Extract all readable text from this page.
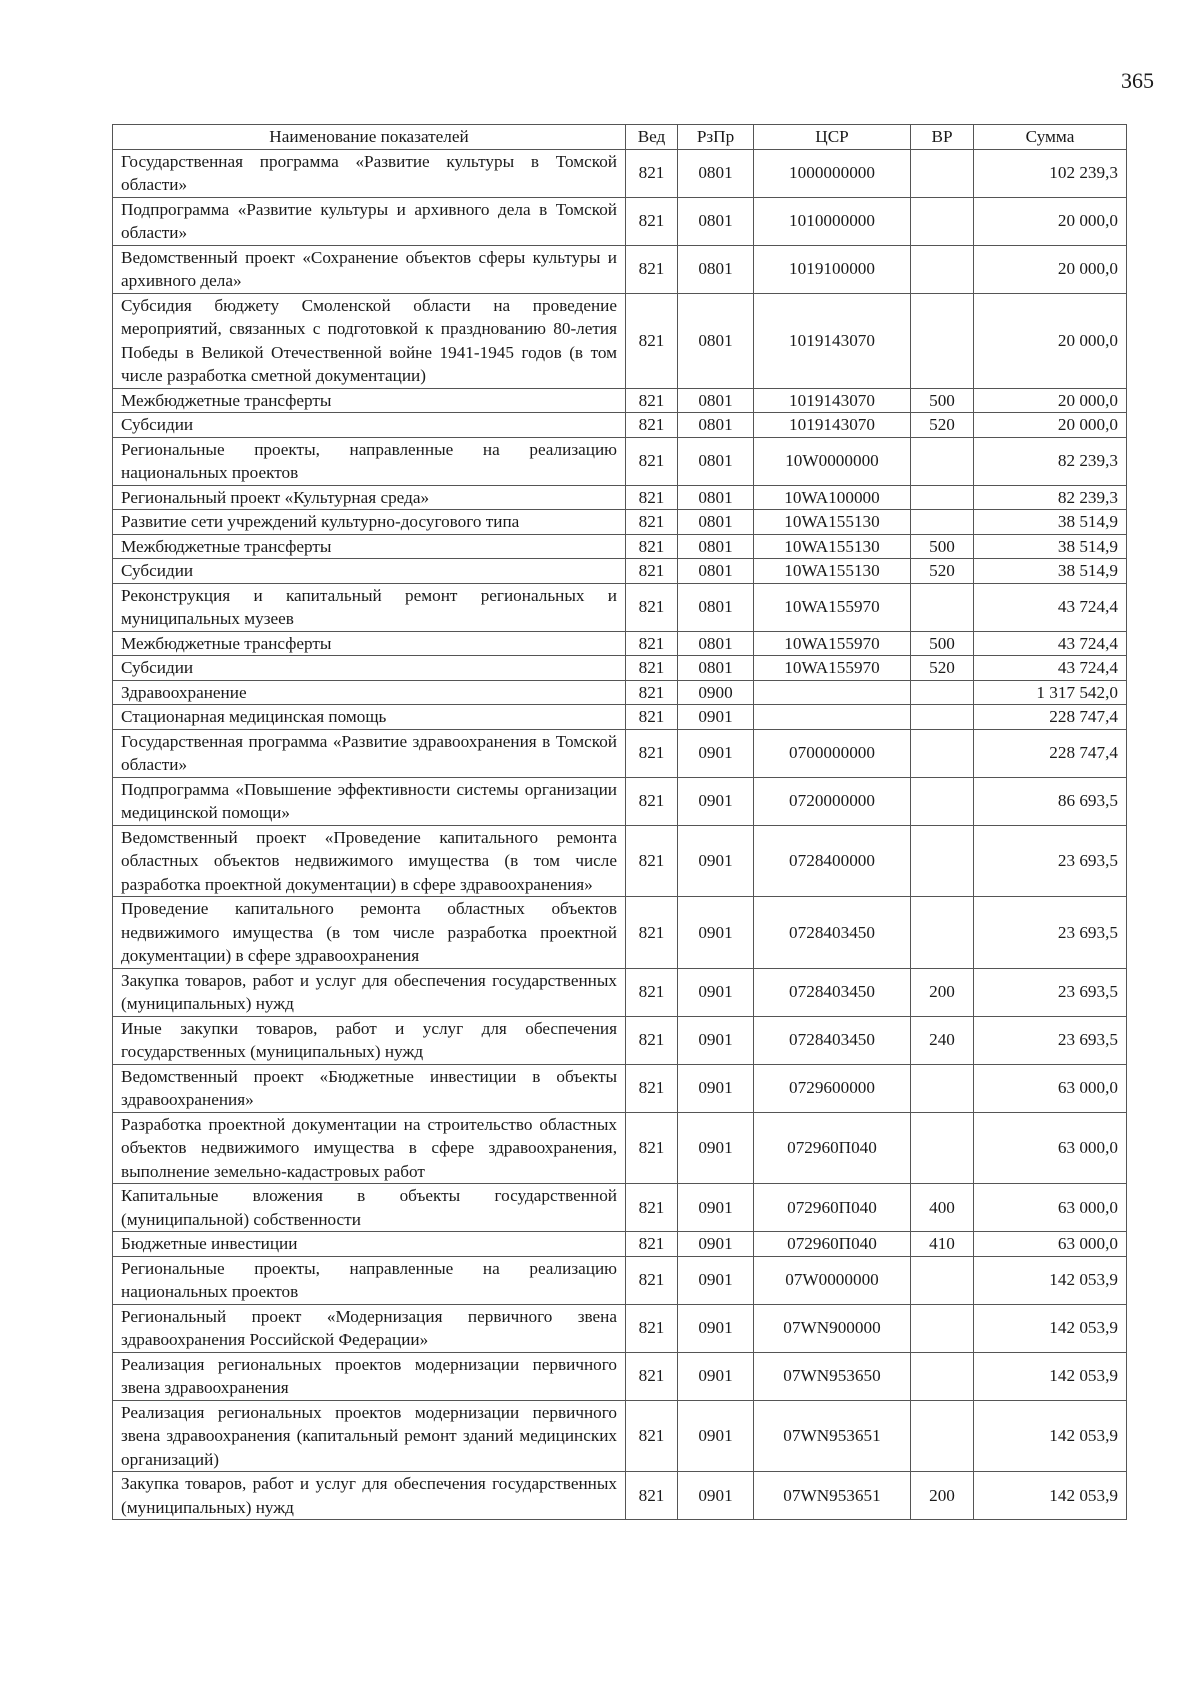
365
Наименование показателей	Вед	РзПр	ЦСР	ВР	Сумма
Государственная программа «Развитие культуры в Томской области»	821	0801	1000000000		102 239,3
Подпрограмма «Развитие культуры и архивного дела в Томской области»	821	0801	1010000000		20 000,0
Ведомственный проект «Сохранение объектов сферы культуры и архивного дела»	821	0801	1019100000		20 000,0
Субсидия бюджету Смоленской области на проведение мероприятий, связанных с подготовкой к празднованию 80-летия Победы в Великой Отечественной войне 1941-1945 годов (в том числе разработка сметной документации)	821	0801	1019143070		20 000,0
Межбюджетные трансферты	821	0801	1019143070	500	20 000,0
Субсидии	821	0801	1019143070	520	20 000,0
Региональные проекты, направленные на реализацию национальных проектов	821	0801	10W0000000		82 239,3
Региональный проект «Культурная среда»	821	0801	10WA100000		82 239,3
Развитие сети учреждений культурно-досугового типа	821	0801	10WA155130		38 514,9
Межбюджетные трансферты	821	0801	10WA155130	500	38 514,9
Субсидии	821	0801	10WA155130	520	38 514,9
Реконструкция и капитальный ремонт региональных и муниципальных музеев	821	0801	10WA155970		43 724,4
Межбюджетные трансферты	821	0801	10WA155970	500	43 724,4
Субсидии	821	0801	10WA155970	520	43 724,4
Здравоохранение	821	0900			1 317 542,0
Стационарная медицинская помощь	821	0901			228 747,4
Государственная программа «Развитие здравоохранения в Томской области»	821	0901	0700000000		228 747,4
Подпрограмма «Повышение эффективности системы организации медицинской помощи»	821	0901	0720000000		86 693,5
Ведомственный проект «Проведение капитального ремонта областных объектов недвижимого имущества (в том числе разработка проектной документации) в сфере здравоохранения»	821	0901	0728400000		23 693,5
Проведение капитального ремонта областных объектов недвижимого имущества (в том числе разработка проектной документации) в сфере здравоохранения	821	0901	0728403450		23 693,5
Закупка товаров, работ и услуг для обеспечения государственных (муниципальных) нужд	821	0901	0728403450	200	23 693,5
Иные закупки товаров, работ и услуг для обеспечения государственных (муниципальных) нужд	821	0901	0728403450	240	23 693,5
Ведомственный проект «Бюджетные инвестиции в объекты здравоохранения»	821	0901	0729600000		63 000,0
Разработка проектной документации на строительство областных объектов недвижимого имущества в сфере здравоохранения, выполнение земельно-кадастровых работ	821	0901	072960П040		63 000,0
Капитальные вложения в объекты государственной (муниципальной) собственности	821	0901	072960П040	400	63 000,0
Бюджетные инвестиции	821	0901	072960П040	410	63 000,0
Региональные проекты, направленные на реализацию национальных проектов	821	0901	07W0000000		142 053,9
Региональный проект «Модернизация первичного звена здравоохранения Российской Федерации»	821	0901	07WN900000		142 053,9
Реализация региональных проектов модернизации первичного звена здравоохранения	821	0901	07WN953650		142 053,9
Реализация региональных проектов модернизации первичного звена здравоохранения (капитальный ремонт зданий медицинских организаций)	821	0901	07WN953651		142 053,9
Закупка товаров, работ и услуг для обеспечения государственных (муниципальных) нужд	821	0901	07WN953651	200	142 053,9
